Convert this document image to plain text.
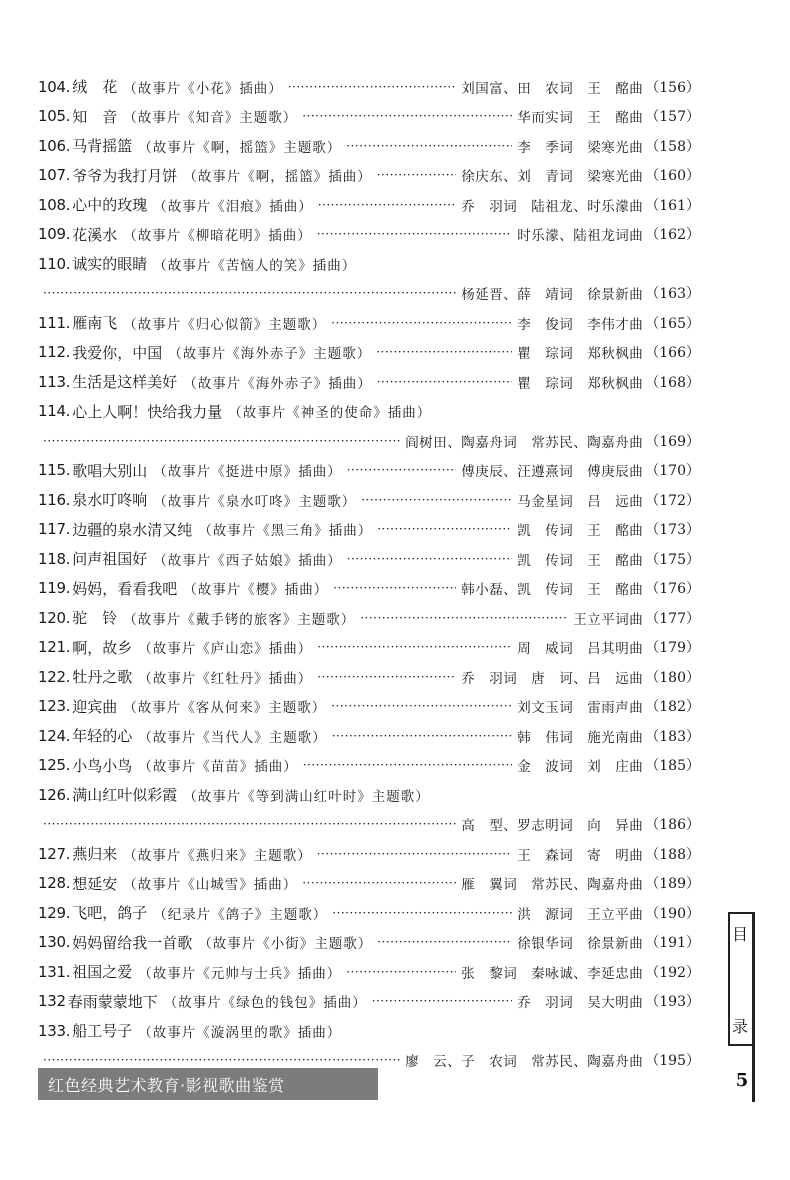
104. 绒　花 （故事片《小花》插曲） ·····	刘国富、田　农词　王　酩曲 （156）
105. 知　音 （故事片《知音》主题歌） ·····	华而实词　王　酩曲 （157）
106. 马背摇篮 （故事片《啊，摇篮》主题歌） ·····	李　季词　梁寒光曲 （158）
107. 爷爷为我打月饼 （故事片《啊，摇篮》插曲） ·····	徐庆东、刘　青词　梁寒光曲 （160）
108. 心中的玫瑰 （故事片《泪痕》插曲） ·····	乔　羽词　陆祖龙、时乐濛曲 （161）
109. 花溪水 （故事片《柳暗花明》插曲） ·····	时乐濛、陆祖龙词曲 （162）
110. 诚实的眼睛 （故事片《苦恼人的笑》插曲）
·····
杨延晋、薛　靖词　徐景新曲 （163）
111. 雁南飞 （故事片《归心似箭》主题歌） ·····	李　俊词　李伟才曲 （165）
112. 我爱你，中国 （故事片《海外赤子》主题歌） ·····	瞿　琮词　郑秋枫曲 （166）
113. 生活是这样美好 （故事片《海外赤子》插曲） ·····	瞿　琮词　郑秋枫曲 （168）
114. 心上人啊！快给我力量 （故事片《神圣的使命》插曲）
·····
阎树田、陶嘉舟词　常苏民、陶嘉舟曲 （169）
115. 歌唱大别山 （故事片《挺进中原》插曲） ·····	傅庚辰、汪遵熹词　傅庚辰曲 （170）
116. 泉水叮咚响 （故事片《泉水叮咚》主题歌） ·····	马金星词　吕　远曲 （172）
117. 边疆的泉水清又纯 （故事片《黑三角》插曲） ·····	凯　传词　王　酩曲 （173）
118. 问声祖国好 （故事片《西子姑娘》插曲） ·····	凯　传词　王　酩曲 （175）
119. 妈妈，看看我吧 （故事片《樱》插曲） ·····	韩小磊、凯　传词　王　酩曲 （176）
120. 驼　铃 （故事片《戴手铐的旅客》主题歌） ·····	王立平词曲 （177）
121. 啊，故乡 （故事片《庐山恋》插曲） ·····	周　威词　吕其明曲 （179）
122. 牡丹之歌 （故事片《红牡丹》插曲） ·····	乔　羽词　唐　诃、吕　远曲 （180）
123. 迎宾曲 （故事片《客从何来》主题歌） ·····	刘文玉词　雷雨声曲 （182）
124. 年轻的心 （故事片《当代人》主题歌） ·····	韩　伟词　施光南曲 （183）
125. 小鸟小鸟 （故事片《苗苗》插曲） ·····	金　波词　刘　庄曲 （185）
126. 满山红叶似彩霞 （故事片《等到满山红叶时》主题歌）
·····
高　型、罗志明词　向　异曲 （186）
127. 燕归来 （故事片《燕归来》主题歌） ·····	王　森词　寄　明曲 （188）
128. 想延安 （故事片《山城雪》插曲） ·····	雁　翼词　常苏民、陶嘉舟曲 （189）
129. 飞吧，鸽子 （纪录片《鸽子》主题歌） ·····	洪　源词　王立平曲 （190）
130. 妈妈留给我一首歌 （故事片《小街》主题歌） ·····	徐银华词　徐景新曲 （191）
131. 祖国之爱 （故事片《元帅与士兵》插曲） ·····	张　黎词　秦咏诚、李延忠曲 （192）
132 春雨蒙蒙地下 （故事片《绿色的钱包》插曲） ·····	乔　羽词　吴大明曲 （193）
133. 船工号子 （故事片《漩涡里的歌》插曲）
·····
廖　云、子　农词　常苏民、陶嘉舟曲 （195）
目
录
红色经典艺术教育·影视歌曲鉴赏	5
